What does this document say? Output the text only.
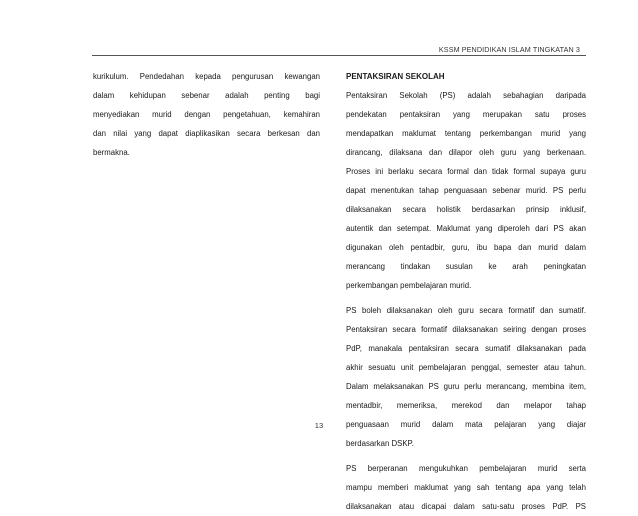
KSSM PENDIDIKAN ISLAM TINGKATAN 3
kurikulum. Pendedahan kepada pengurusan kewangan
dalam kehidupan sebenar adalah penting bagi
menyediakan murid dengan pengetahuan, kemahiran
dan nilai yang dapat diaplikasikan secara berkesan dan
bermakna.
PENTAKSIRAN SEKOLAH
Pentaksiran Sekolah (PS) adalah sebahagian daripada
pendekatan pentaksiran yang merupakan satu proses
mendapatkan maklumat tentang perkembangan murid yang
dirancang, dilaksana dan dilapor oleh guru yang berkenaan.
Proses ini berlaku secara formal dan tidak formal supaya guru
dapat menentukan tahap penguasaan sebenar murid. PS perlu
dilaksanakan secara holistik berdasarkan prinsip inklusif,
autentik dan setempat. Maklumat yang diperoleh dari PS akan
digunakan oleh pentadbir, guru, ibu bapa dan murid dalam
merancang tindakan susulan ke arah peningkatan
perkembangan pembelajaran murid.
PS boleh dilaksanakan oleh guru secara formatif dan sumatif.
Pentaksiran secara formatif dilaksanakan seiring dengan proses
PdP, manakala pentaksiran secara sumatif dilaksanakan pada
akhir sesuatu unit pembelajaran penggal, semester atau tahun.
Dalam melaksanakan PS guru perlu merancang, membina item,
mentadbir, memeriksa, merekod dan melapor tahap
penguasaan murid dalam mata pelajaran yang diajar
berdasarkan DSKP.
PS berperanan mengukuhkan pembelajaran murid serta
mampu memberi maklumat yang sah tentang apa yang telah
dilaksanakan atau dicapai dalam satu-satu proses PdP. PS
13
